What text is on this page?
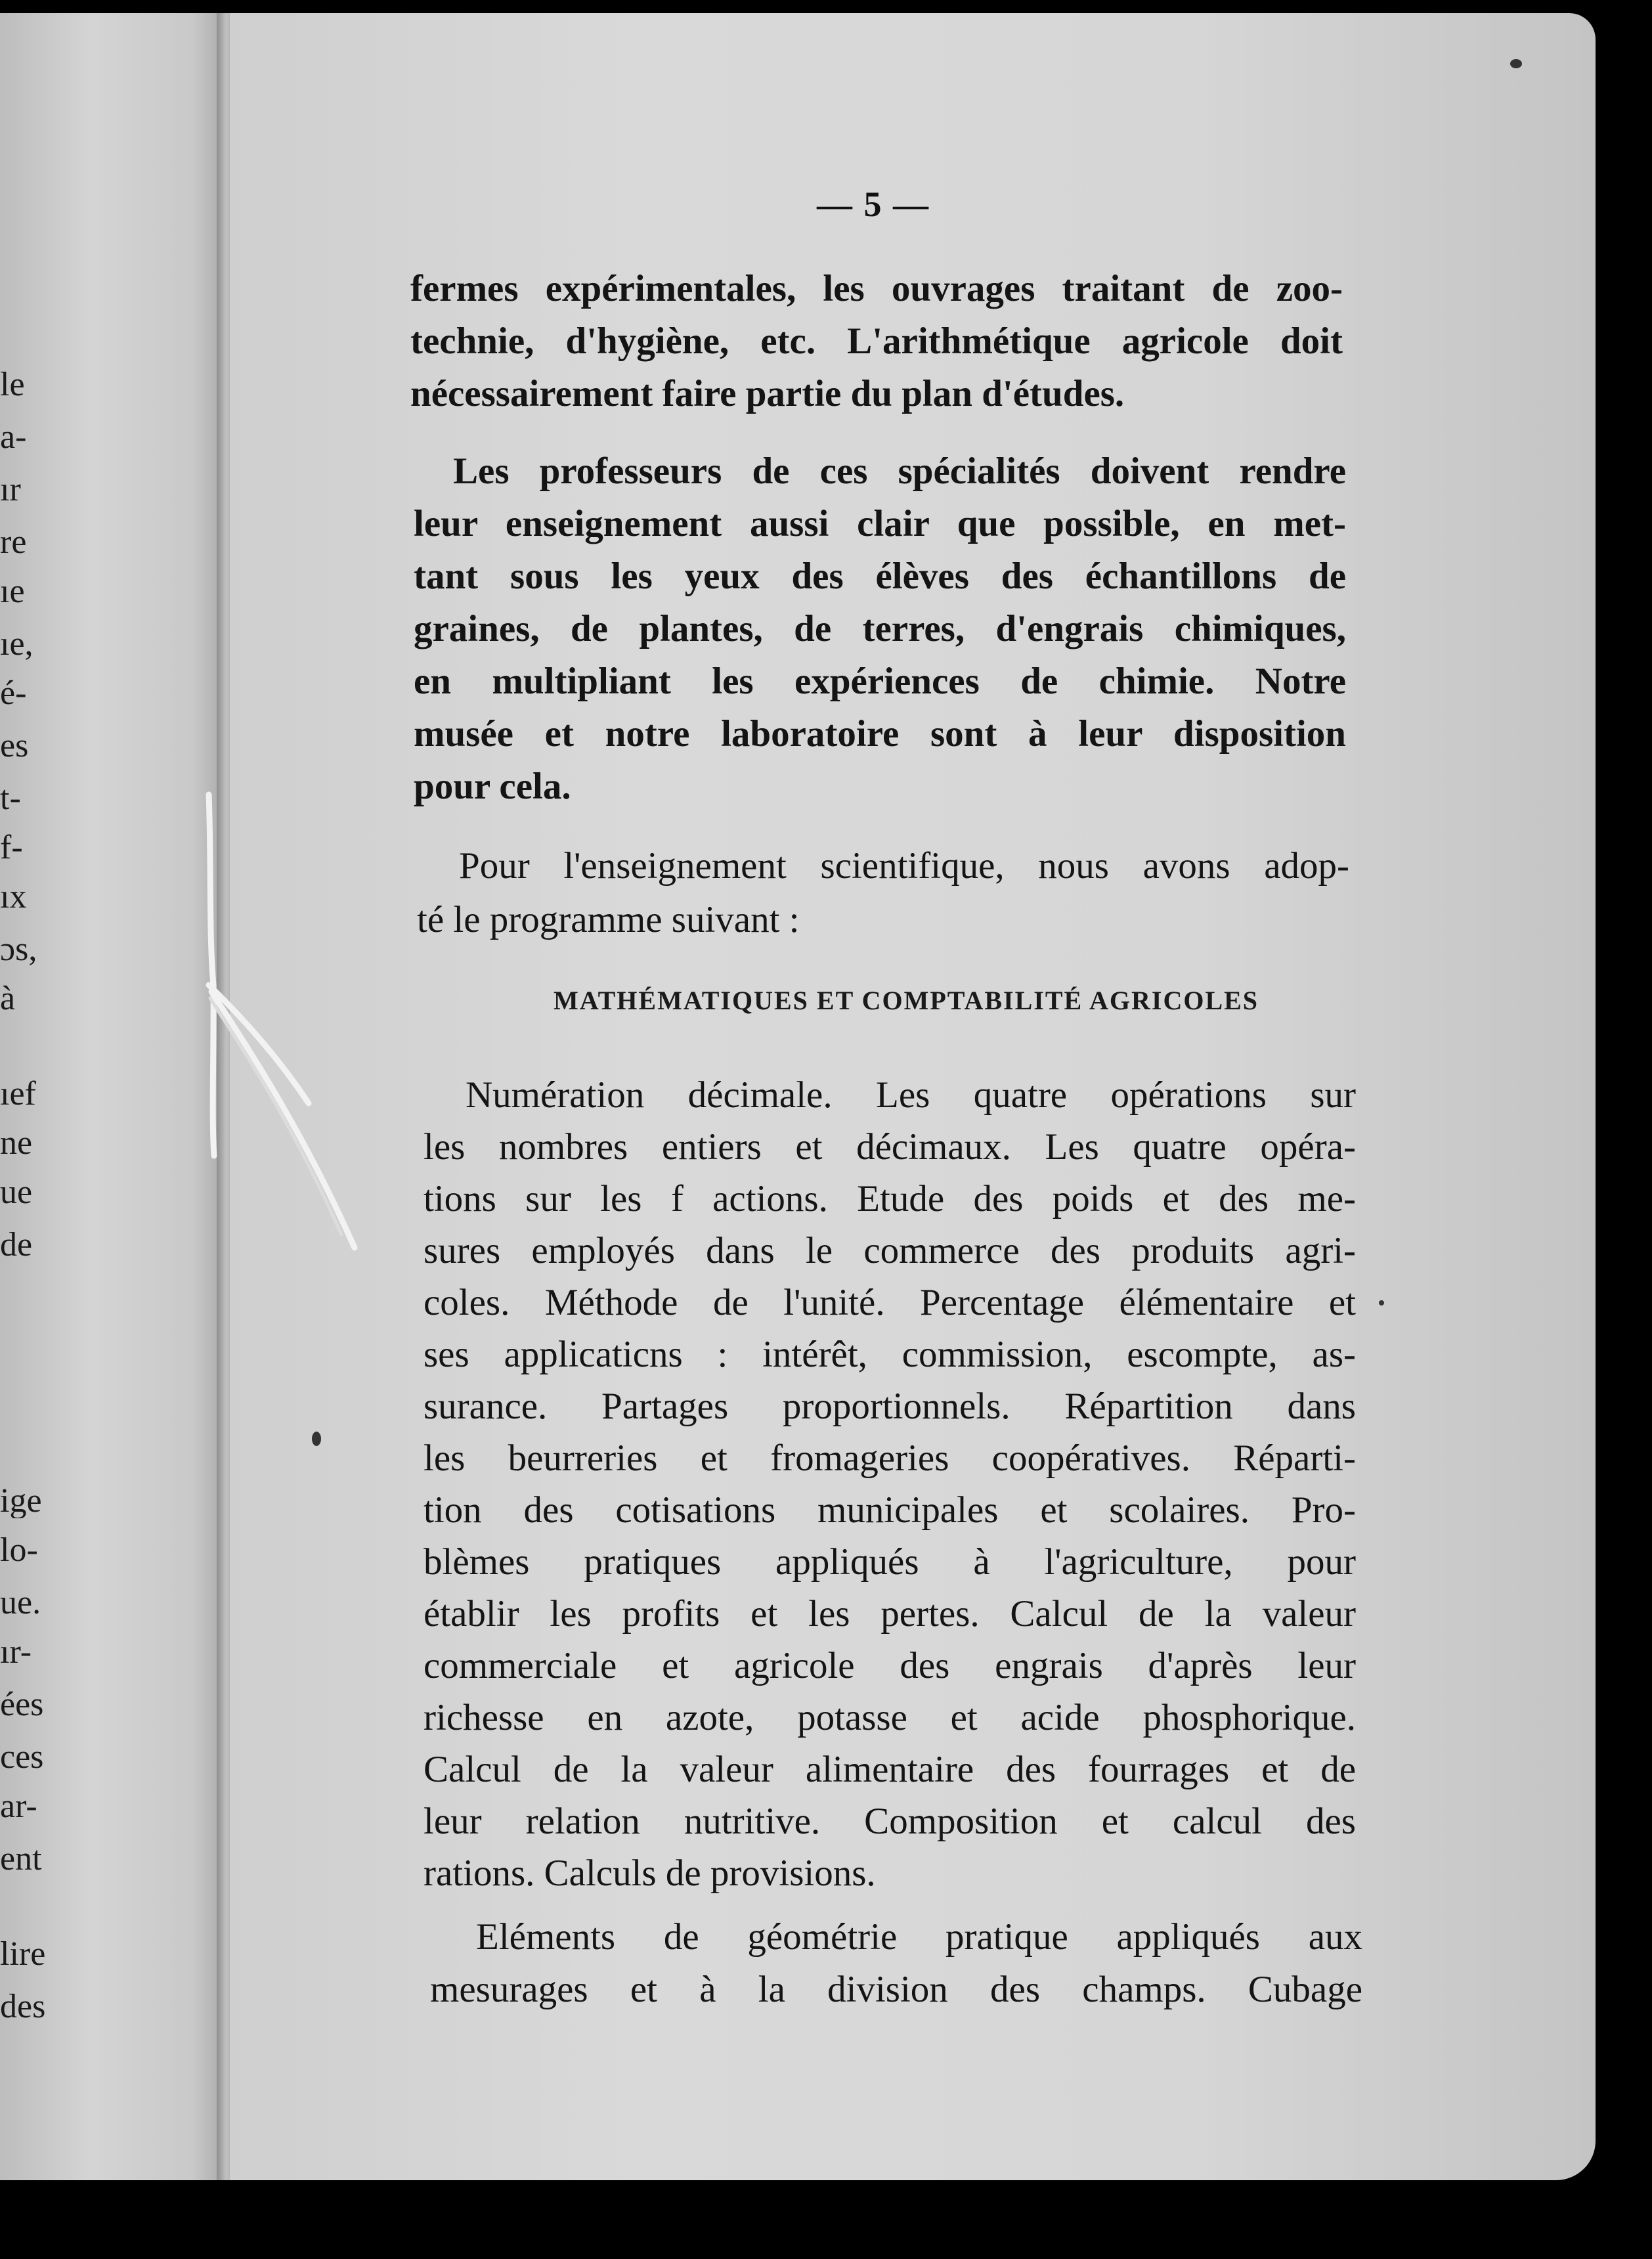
le
a-
ır
re
ıe
ıe,
é-
es
t-
f-
ıx
ɔs,
à
ıef
ne
ue
de
ige
lo-
ue.
ır-
ées
ces
ar-
ent
lire
des
— 5 —
fermes expérimentales, les ouvrages traitant de zoo-
technie, d'hygiène, etc. L'arithmétique agricole doit
nécessairement faire partie du plan d'études.
Les professeurs de ces spécialités doivent rendre
leur enseignement aussi clair que possible, en met-
tant sous les yeux des élèves des échantillons de
graines, de plantes, de terres, d'engrais chimiques,
en multipliant les expériences de chimie. Notre
musée et notre laboratoire sont à leur disposition
pour cela.
Pour l'enseignement scientifique, nous avons adop-
té le programme suivant :
MATHÉMATIQUES ET COMPTABILITÉ AGRICOLES
Numération décimale. Les quatre opérations sur
les nombres entiers et décimaux. Les quatre opéra-
tions sur les f actions. Etude des poids et des me-
sures employés dans le commerce des produits agri-
coles. Méthode de l'unité. Percentage élémentaire et
ses applicaticns : intérêt, commission, escompte, as-
surance. Partages proportionnels. Répartition dans
les beurreries et fromageries coopératives. Réparti-
tion des cotisations municipales et scolaires. Pro-
blèmes pratiques appliqués à l'agriculture, pour
établir les profits et les pertes. Calcul de la valeur
commerciale et agricole des engrais d'après leur
richesse en azote, potasse et acide phosphorique.
Calcul de la valeur alimentaire des fourrages et de
leur relation nutritive. Composition et calcul des
rations. Calculs de provisions.
Eléments de géométrie pratique appliqués aux
mesurages et à la division des champs. Cubage
